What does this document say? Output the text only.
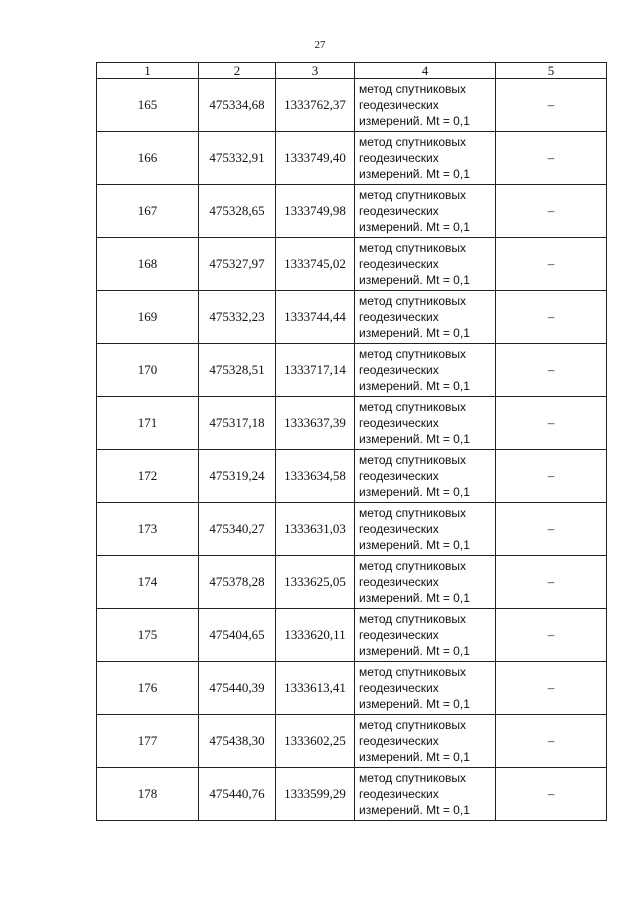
27
1	2	3	4	5
165	475334,68	1333762,37	метод спутниковых
геодезических
измерений. Mt = 0,1	–
166	475332,91	1333749,40	метод спутниковых
геодезических
измерений. Mt = 0,1	–
167	475328,65	1333749,98	метод спутниковых
геодезических
измерений. Mt = 0,1	–
168	475327,97	1333745,02	метод спутниковых
геодезических
измерений. Mt = 0,1	–
169	475332,23	1333744,44	метод спутниковых
геодезических
измерений. Mt = 0,1	–
170	475328,51	1333717,14	метод спутниковых
геодезических
измерений. Mt = 0,1	–
171	475317,18	1333637,39	метод спутниковых
геодезических
измерений. Mt = 0,1	–
172	475319,24	1333634,58	метод спутниковых
геодезических
измерений. Mt = 0,1	–
173	475340,27	1333631,03	метод спутниковых
геодезических
измерений. Mt = 0,1	–
174	475378,28	1333625,05	метод спутниковых
геодезических
измерений. Mt = 0,1	–
175	475404,65	1333620,11	метод спутниковых
геодезических
измерений. Mt = 0,1	–
176	475440,39	1333613,41	метод спутниковых
геодезических
измерений. Mt = 0,1	–
177	475438,30	1333602,25	метод спутниковых
геодезических
измерений. Mt = 0,1	–
178	475440,76	1333599,29	метод спутниковых
геодезических
измерений. Mt = 0,1	–
